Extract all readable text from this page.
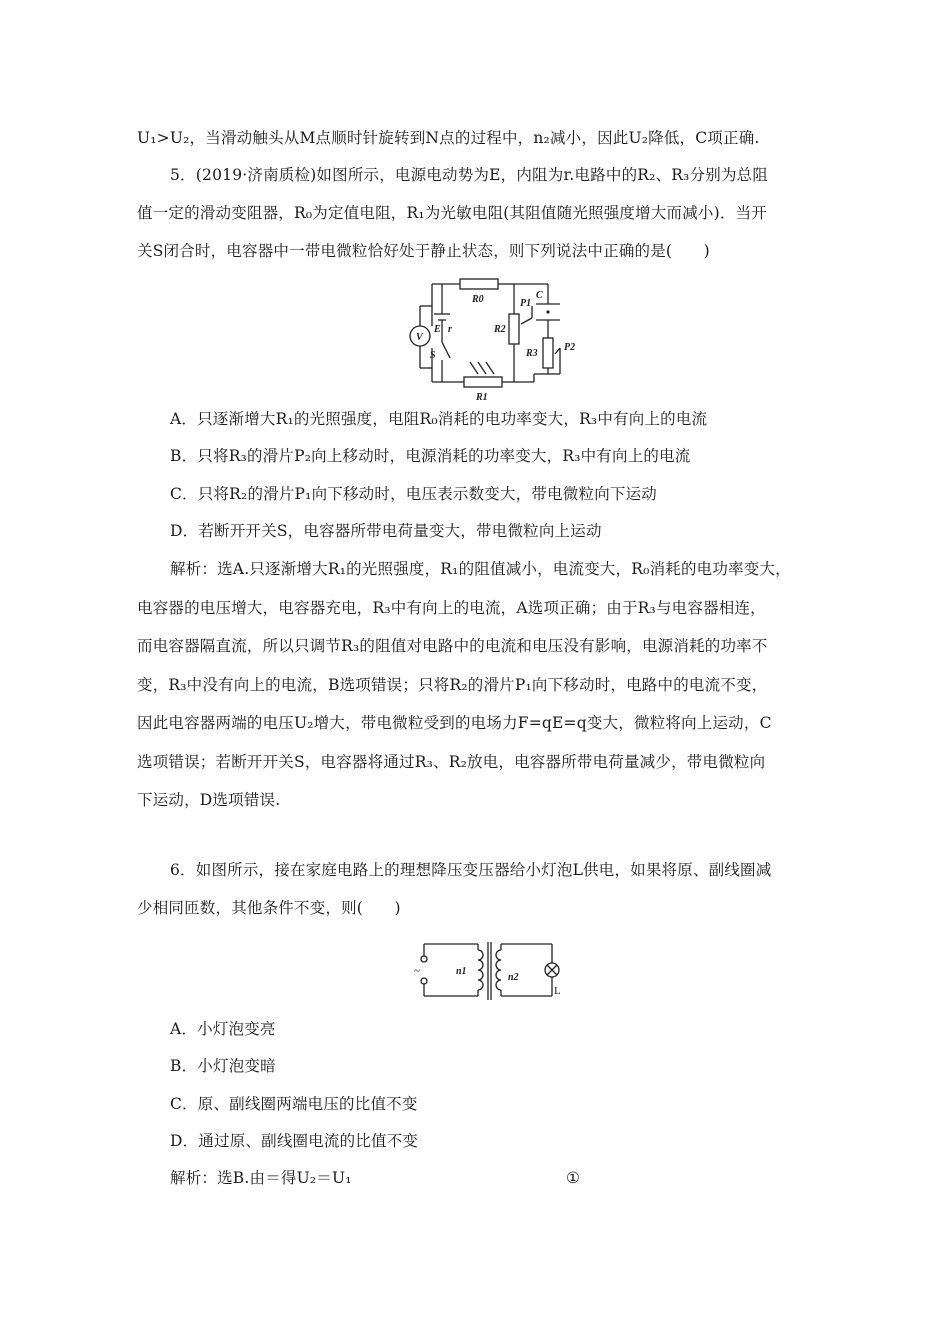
U₁>U₂，当滑动触头从M点顺时针旋转到N点的过程中，n₂减小，因此U₂降低，C项正确.
5．(2019·济南质检)如图所示，电源电动势为E，内阻为r.电路中的R₂、R₃分别为总阻
值一定的滑动变阻器，R₀为定值电阻，R₁为光敏电阻(其阻值随光照强度增大而减小)．当开
关S闭合时，电容器中一带电微粒恰好处于静止状态，则下列说法中正确的是(　　)
R0
R1
R2
R3
C
P1
P2
E r
S
V
A．只逐渐增大R₁的光照强度，电阻R₀消耗的电功率变大，R₃中有向上的电流
B．只将R₃的滑片P₂向上移动时，电源消耗的功率变大，R₃中有向上的电流
C．只将R₂的滑片P₁向下移动时，电压表示数变大，带电微粒向下运动
D．若断开开关S，电容器所带电荷量变大，带电微粒向上运动
解析：选A.只逐渐增大R₁的光照强度，R₁的阻值减小，电流变大，R₀消耗的电功率变大，
电容器的电压增大，电容器充电，R₃中有向上的电流，A选项正确；由于R₃与电容器相连，
而电容器隔直流，所以只调节R₃的阻值对电路中的电流和电压没有影响，电源消耗的功率不
变，R₃中没有向上的电流，B选项错误；只将R₂的滑片P₁向下移动时，电路中的电流不变，
因此电容器两端的电压U₂增大，带电微粒受到的电场力F=qE=q变大，微粒将向上运动，C
选项错误；若断开开关S，电容器将通过R₃、R₂放电，电容器所带电荷量减少，带电微粒向
下运动，D选项错误.
6．如图所示，接在家庭电路上的理想降压变压器给小灯泡L供电，如果将原、副线圈减
少相同匝数，其他条件不变，则(　　)
n1
n2
L
~
A．小灯泡变亮
B．小灯泡变暗
C．原、副线圈两端电压的比值不变
D．通过原、副线圈电流的比值不变
解析：选B.由＝得U₂＝U₁	①
